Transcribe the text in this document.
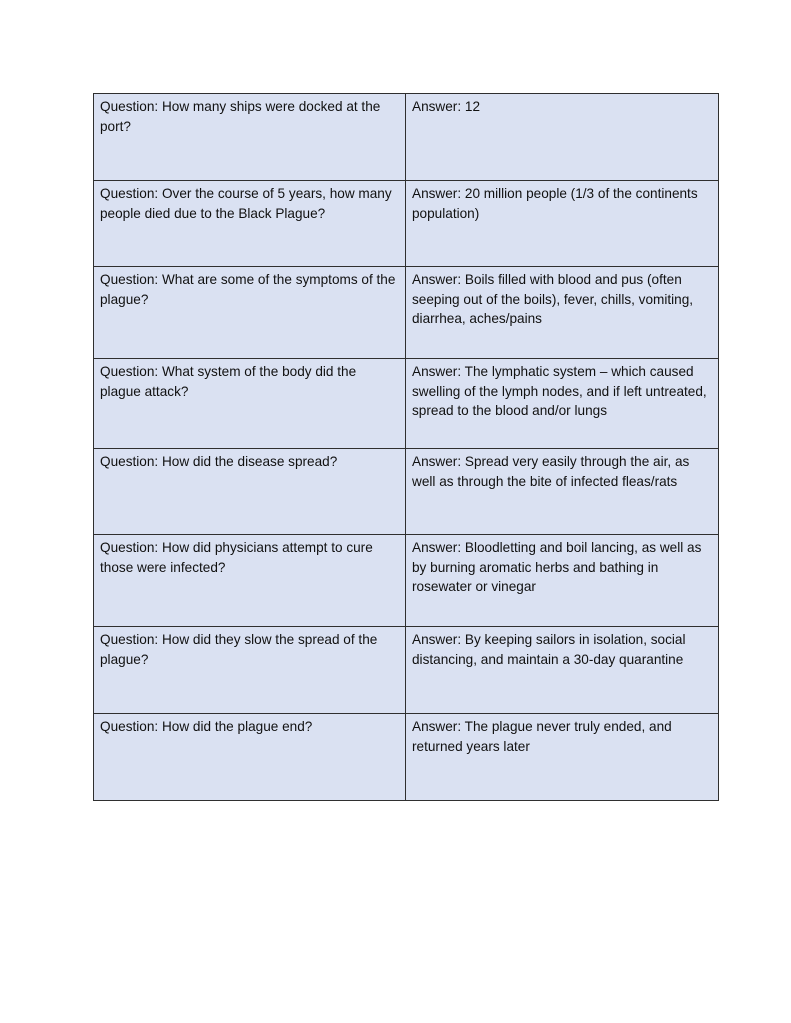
Question: How many ships were docked at the port?	Answer: 12
Question: Over the course of 5 years, how many people died due to the Black Plague?	Answer: 20 million people (1/3 of the continents population)
Question: What are some of the symptoms of the plague?	Answer: Boils filled with blood and pus (often seeping out of the boils), fever, chills, vomiting, diarrhea, aches/pains
Question: What system of the body did the plague attack?	Answer: The lymphatic system – which caused swelling of the lymph nodes, and if left untreated, spread to the blood and/or lungs
Question: How did the disease spread?	Answer: Spread very easily through the air, as well as through the bite of infected fleas/rats
Question: How did physicians attempt to cure those were infected?	Answer: Bloodletting and boil lancing, as well as by burning aromatic herbs and bathing in rosewater or vinegar
Question: How did they slow the spread of the plague?	Answer: By keeping sailors in isolation, social distancing, and maintain a 30-day quarantine
Question: How did the plague end?	Answer: The plague never truly ended, and returned years later
